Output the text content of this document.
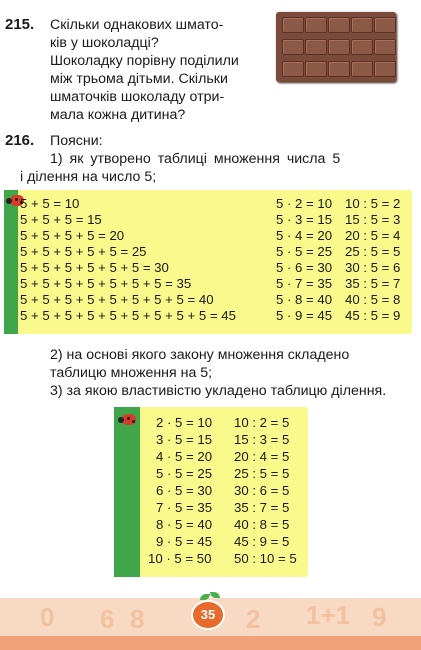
215. Скільки однакових шмато-
ків у шоколадці?
Шоколадку порівну поділили
між трьома дітьми. Скільки
шматочків шоколаду отри-
мала кожна дитина?
216. Поясни:
1) як утворено таблиці множення числа 5
і ділення на число 5;
5 + 5 = 10
5 + 5 + 5 = 15
5 + 5 + 5 + 5 = 20
5 + 5 + 5 + 5 + 5 = 25
5 + 5 + 5 + 5 + 5 + 5 = 30
5 + 5 + 5 + 5 + 5 + 5 + 5 = 35
5 + 5 + 5 + 5 + 5 + 5 + 5 + 5 = 40
5 + 5 + 5 + 5 + 5 + 5 + 5 + 5 + 5 = 45
5 · 2 = 10
5 · 3 = 15
5 · 4 = 20
5 · 5 = 25
5 · 6 = 30
5 · 7 = 35
5 · 8 = 40
5 · 9 = 45
10 : 5 = 2
15 : 5 = 3
20 : 5 = 4
25 : 5 = 5
30 : 5 = 6
35 : 5 = 7
40 : 5 = 8
45 : 5 = 9
2) на основі якого закону множення складено
таблицю множення на 5;
3) за якою властивістю укладено таблицю ділення.
2 · 5 = 10
3 · 5 = 15
4 · 5 = 20
5 · 5 = 25
6 · 5 = 30
7 · 5 = 35
8 · 5 = 40
9 · 5 = 45
10 · 5 = 50
10 : 2 = 5
15 : 3 = 5
20 : 4 = 5
25 : 5 = 5
30 : 6 = 5
35 : 7 = 5
40 : 8 = 5
45 : 9 = 5
50 : 10 = 5
0 6 8	2 1+1 9
35
